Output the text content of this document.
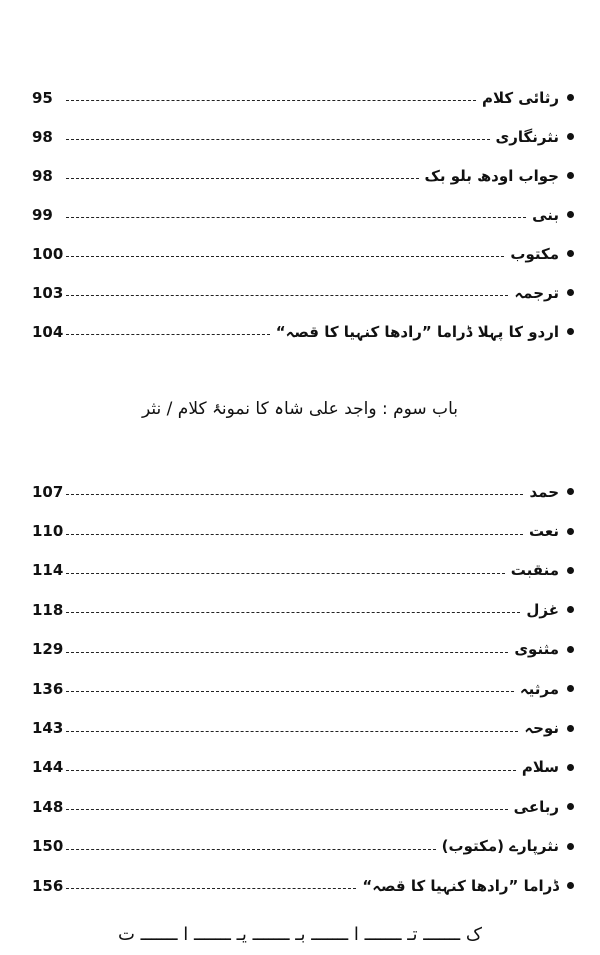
95	رثائی کلام
98	نثرنگاری
98	جواب اودھ بلو بک
99	بنی
100	مکتوب
103	ترجمہ
104	اردو کا پہلا ڈراما ”رادھا کنہیا کا قصہ“
باب سوم : واجد علی شاہ کا نمونۂ کلام / نثر
107	حمد
110	نعت
114	منقبت
118	غزل
129	مثنوی
136	مرثیہ
143	نوحہ
144	سلام
148	رباعی
150	نثرپارے (مکتوب)
156	ڈراما ”رادھا کنہیا کا قصہ“
ک ـــــــ تـ ـــــــ ا ـــــــ بـ ـــــــ یـ ـــــــ ا ـــــــ ت
